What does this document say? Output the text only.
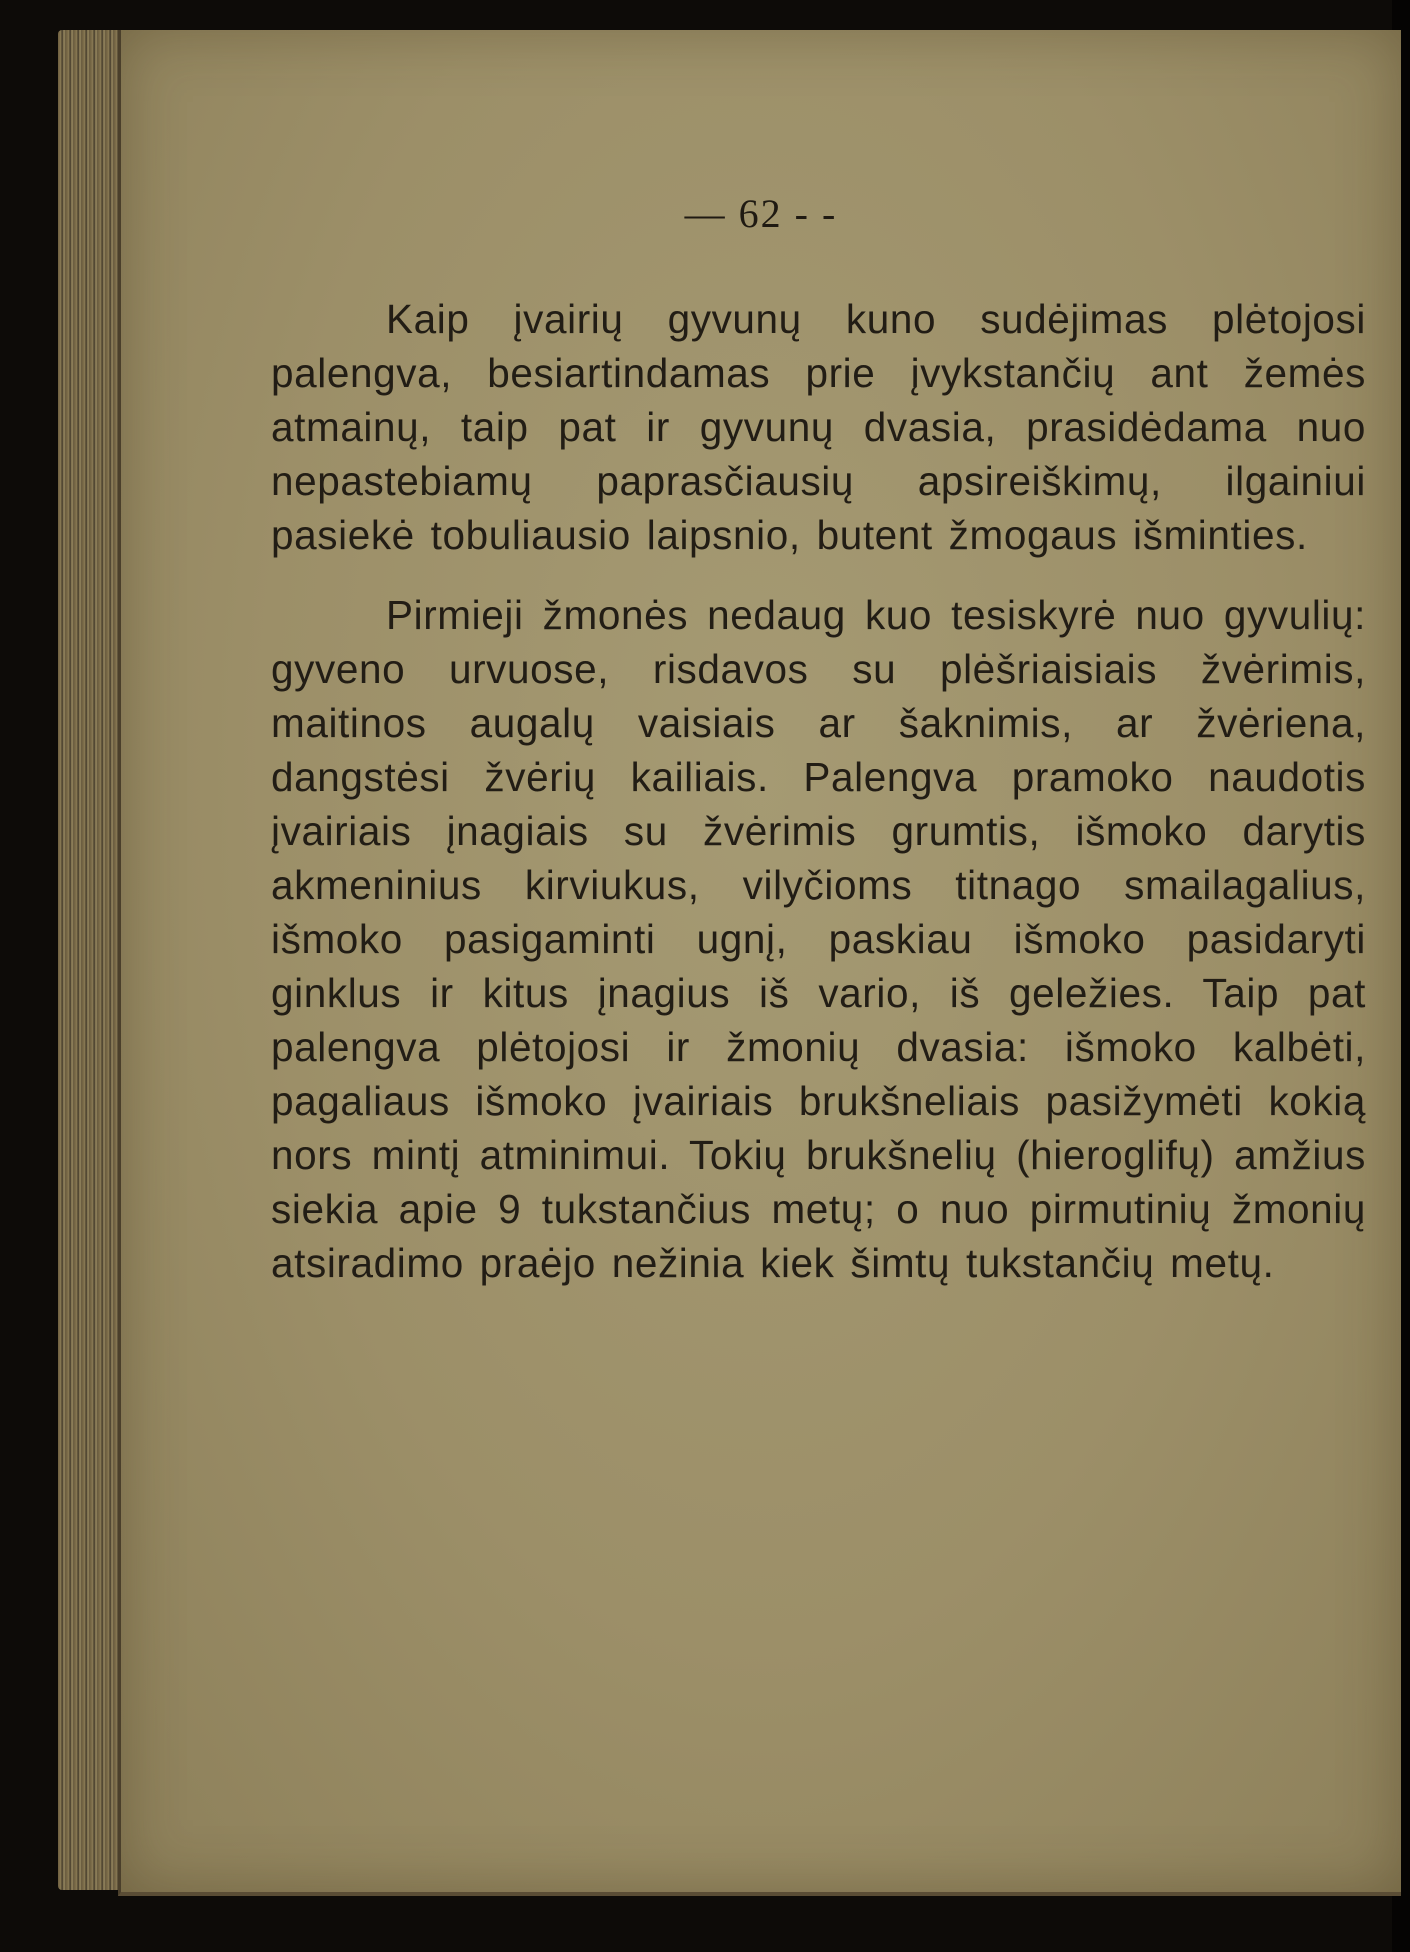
— 62 - -

Kaip įvairių gyvunų kuno sudėjimas plėtojosi palengva, besiartindamas prie įvykstančių ant žemės atmainų, taip pat ir gyvunų dvasia, prasidėdama nuo nepastebiamų paprasčiausių apsireiškimų, ilgainiui pasiekė tobuliausio laipsnio, butent žmogaus išminties.

Pirmieji žmonės nedaug kuo tesiskyrė nuo gyvulių: gyveno urvuose, risdavos su plėšriaisiais žvėrimis, maitinos augalų vaisiais ar šaknimis, ar žvėriena, dangstėsi žvėrių kailiais. Palengva pramoko naudotis įvairiais įnagiais su žvėrimis grumtis, išmoko darytis akmeninius kirviukus, vilyčioms titnago smailagalius, išmoko pasigaminti ugnį, paskiau išmoko pasidaryti ginklus ir kitus įnagius iš vario, iš geležies. Taip pat palengva plėtojosi ir žmonių dvasia: išmoko kalbėti, pagaliaus išmoko įvairiais brukšneliais pasižymėti kokią nors mintį atminimui. Tokių brukšnelių (hieroglifų) amžius siekia apie 9 tukstančius metų; o nuo pirmutinių žmonių atsiradimo praėjo nežinia kiek šimtų tukstančių metų.
